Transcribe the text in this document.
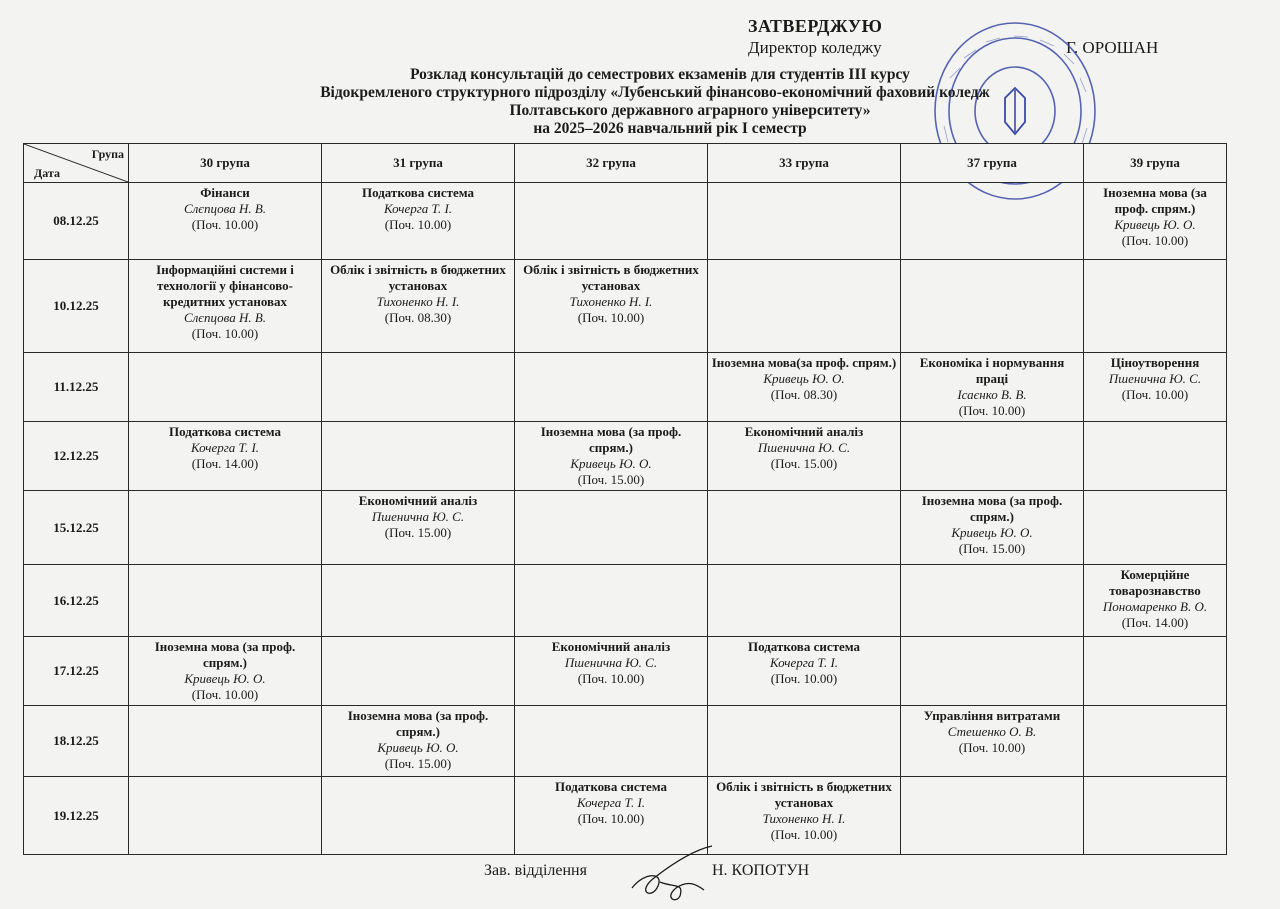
ЗАТВЕРДЖУЮ
Директор коледжу	Г. ОРОШАН
Розклад консультацій до семестрових екзаменів для студентів ІІІ курсу
Відокремленого структурного підрозділу «Лубенський фінансово-економічний фаховий коледж
Полтавського державного аграрного університету»
на 2025–2026 навчальний рік І семестр
Група
Дата	30 група	31 група	32 група	33 група	37 група	39 група
08.12.25	Фінанси
Слєпцова Н. В.
(Поч. 10.00)	Податкова система
Кочерга Т. І.
(Поч. 10.00)				Іноземна мова (за проф. спрям.)
Кривець Ю. О.
(Поч. 10.00)

10.12.25	Інформаційні системи і технології у фінансово-кредитних установах
Слєпцова Н. В.
(Поч. 10.00)	Облік і звітність в бюджетних установах
Тихоненко Н. І.
(Поч. 08.30)	Облік і звітність в бюджетних установах
Тихоненко Н. І.
(Поч. 10.00)			

11.12.25				Іноземна мова(за проф. спрям.)
Кривець Ю. О.
(Поч. 08.30)	Економіка і нормування праці
Ісаєнко В. В.
(Поч. 10.00)	Ціноутворення
Пшенична Ю. С.
(Поч. 10.00)

12.12.25	Податкова система
Кочерга Т. І.
(Поч. 14.00)		Іноземна мова (за проф. спрям.)
Кривець Ю. О.
(Поч. 15.00)	Економічний аналіз
Пшенична Ю. С.
(Поч. 15.00)		

15.12.25		Економічний аналіз
Пшенична Ю. С.
(Поч. 15.00)			Іноземна мова (за проф. спрям.)
Кривець Ю. О.
(Поч. 15.00)	

16.12.25						Комерційне товарознавство
Пономаренко В. О.
(Поч. 14.00)

17.12.25	Іноземна мова (за проф. спрям.)
Кривець Ю. О.
(Поч. 10.00)		Економічний аналіз
Пшенична Ю. С.
(Поч. 10.00)	Податкова система
Кочерга Т. І.
(Поч. 10.00)		

18.12.25		Іноземна мова (за проф. спрям.)
Кривець Ю. О.
(Поч. 15.00)			Управління витратами
Стешенко О. В.
(Поч. 10.00)	

19.12.25			Податкова система
Кочерга Т. І.
(Поч. 10.00)	Облік і звітність в бюджетних установах
Тихоненко Н. І.
(Поч. 10.00)		

Зав. відділення	Н. КОПОТУН
